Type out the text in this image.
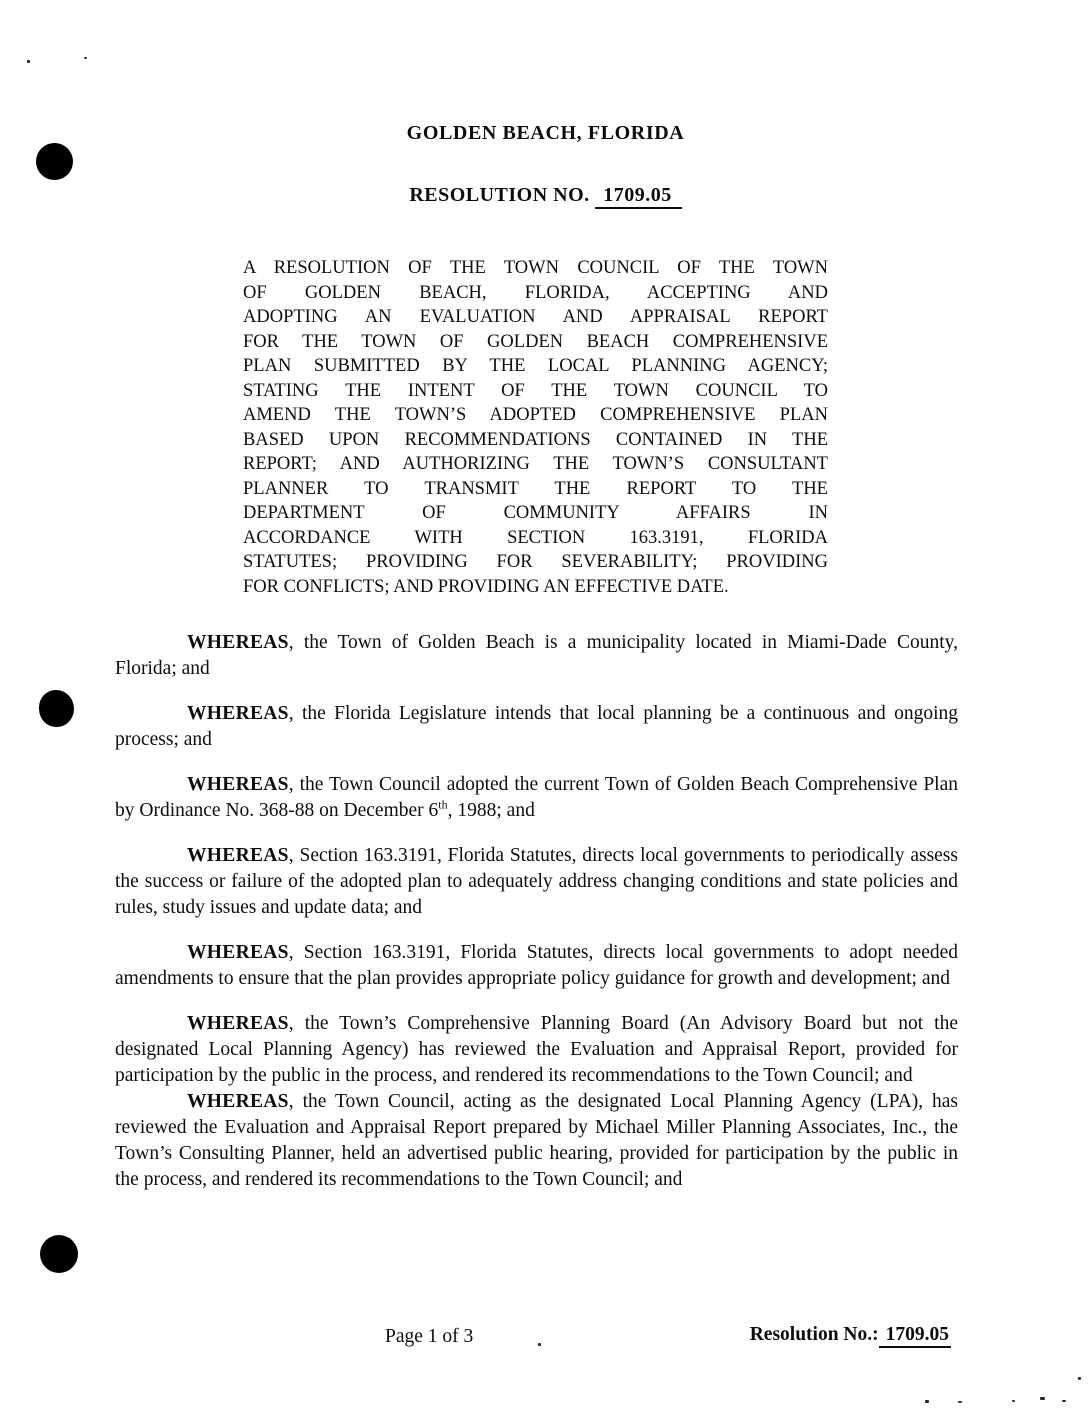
GOLDEN BEACH, FLORIDA
RESOLUTION NO. 1709.05
A RESOLUTION OF THE TOWN COUNCIL OF THE TOWN
OF GOLDEN BEACH, FLORIDA, ACCEPTING AND
ADOPTING AN EVALUATION AND APPRAISAL REPORT
FOR THE TOWN OF GOLDEN BEACH COMPREHENSIVE
PLAN SUBMITTED BY THE LOCAL PLANNING AGENCY;
STATING THE INTENT OF THE TOWN COUNCIL TO
AMEND THE TOWN’S ADOPTED COMPREHENSIVE PLAN
BASED UPON RECOMMENDATIONS CONTAINED IN THE
REPORT; AND AUTHORIZING THE TOWN’S CONSULTANT
PLANNER TO TRANSMIT THE REPORT TO THE
DEPARTMENT OF COMMUNITY AFFAIRS IN
ACCORDANCE WITH SECTION 163.3191, FLORIDA
STATUTES; PROVIDING FOR SEVERABILITY; PROVIDING
FOR CONFLICTS; AND PROVIDING AN EFFECTIVE DATE.

WHEREAS, the Town of Golden Beach is a municipality located in Miami-Dade County, Florida; and

WHEREAS, the Florida Legislature intends that local planning be a continuous and ongoing process; and

WHEREAS, the Town Council adopted the current Town of Golden Beach Comprehensive Plan by Ordinance No. 368-88 on December 6th, 1988; and

WHEREAS, Section 163.3191, Florida Statutes, directs local governments to periodically assess the success or failure of the adopted plan to adequately address changing conditions and state policies and rules, study issues and update data; and

WHEREAS, Section 163.3191, Florida Statutes, directs local governments to adopt needed amendments to ensure that the plan provides appropriate policy guidance for growth and development; and

WHEREAS, the Town’s Comprehensive Planning Board (An Advisory Board but not the designated Local Planning Agency) has reviewed the Evaluation and Appraisal Report, provided for participation by the public in the process, and rendered its recommendations to the Town Council; and

WHEREAS, the Town Council, acting as the designated Local Planning Agency (LPA), has reviewed the Evaluation and Appraisal Report prepared by Michael Miller Planning Associates, Inc., the Town’s Consulting Planner, held an advertised public hearing, provided for participation by the public in the process, and rendered its recommendations to the Town Council; and

Page 1 of 3	Resolution No.: 1709.05
